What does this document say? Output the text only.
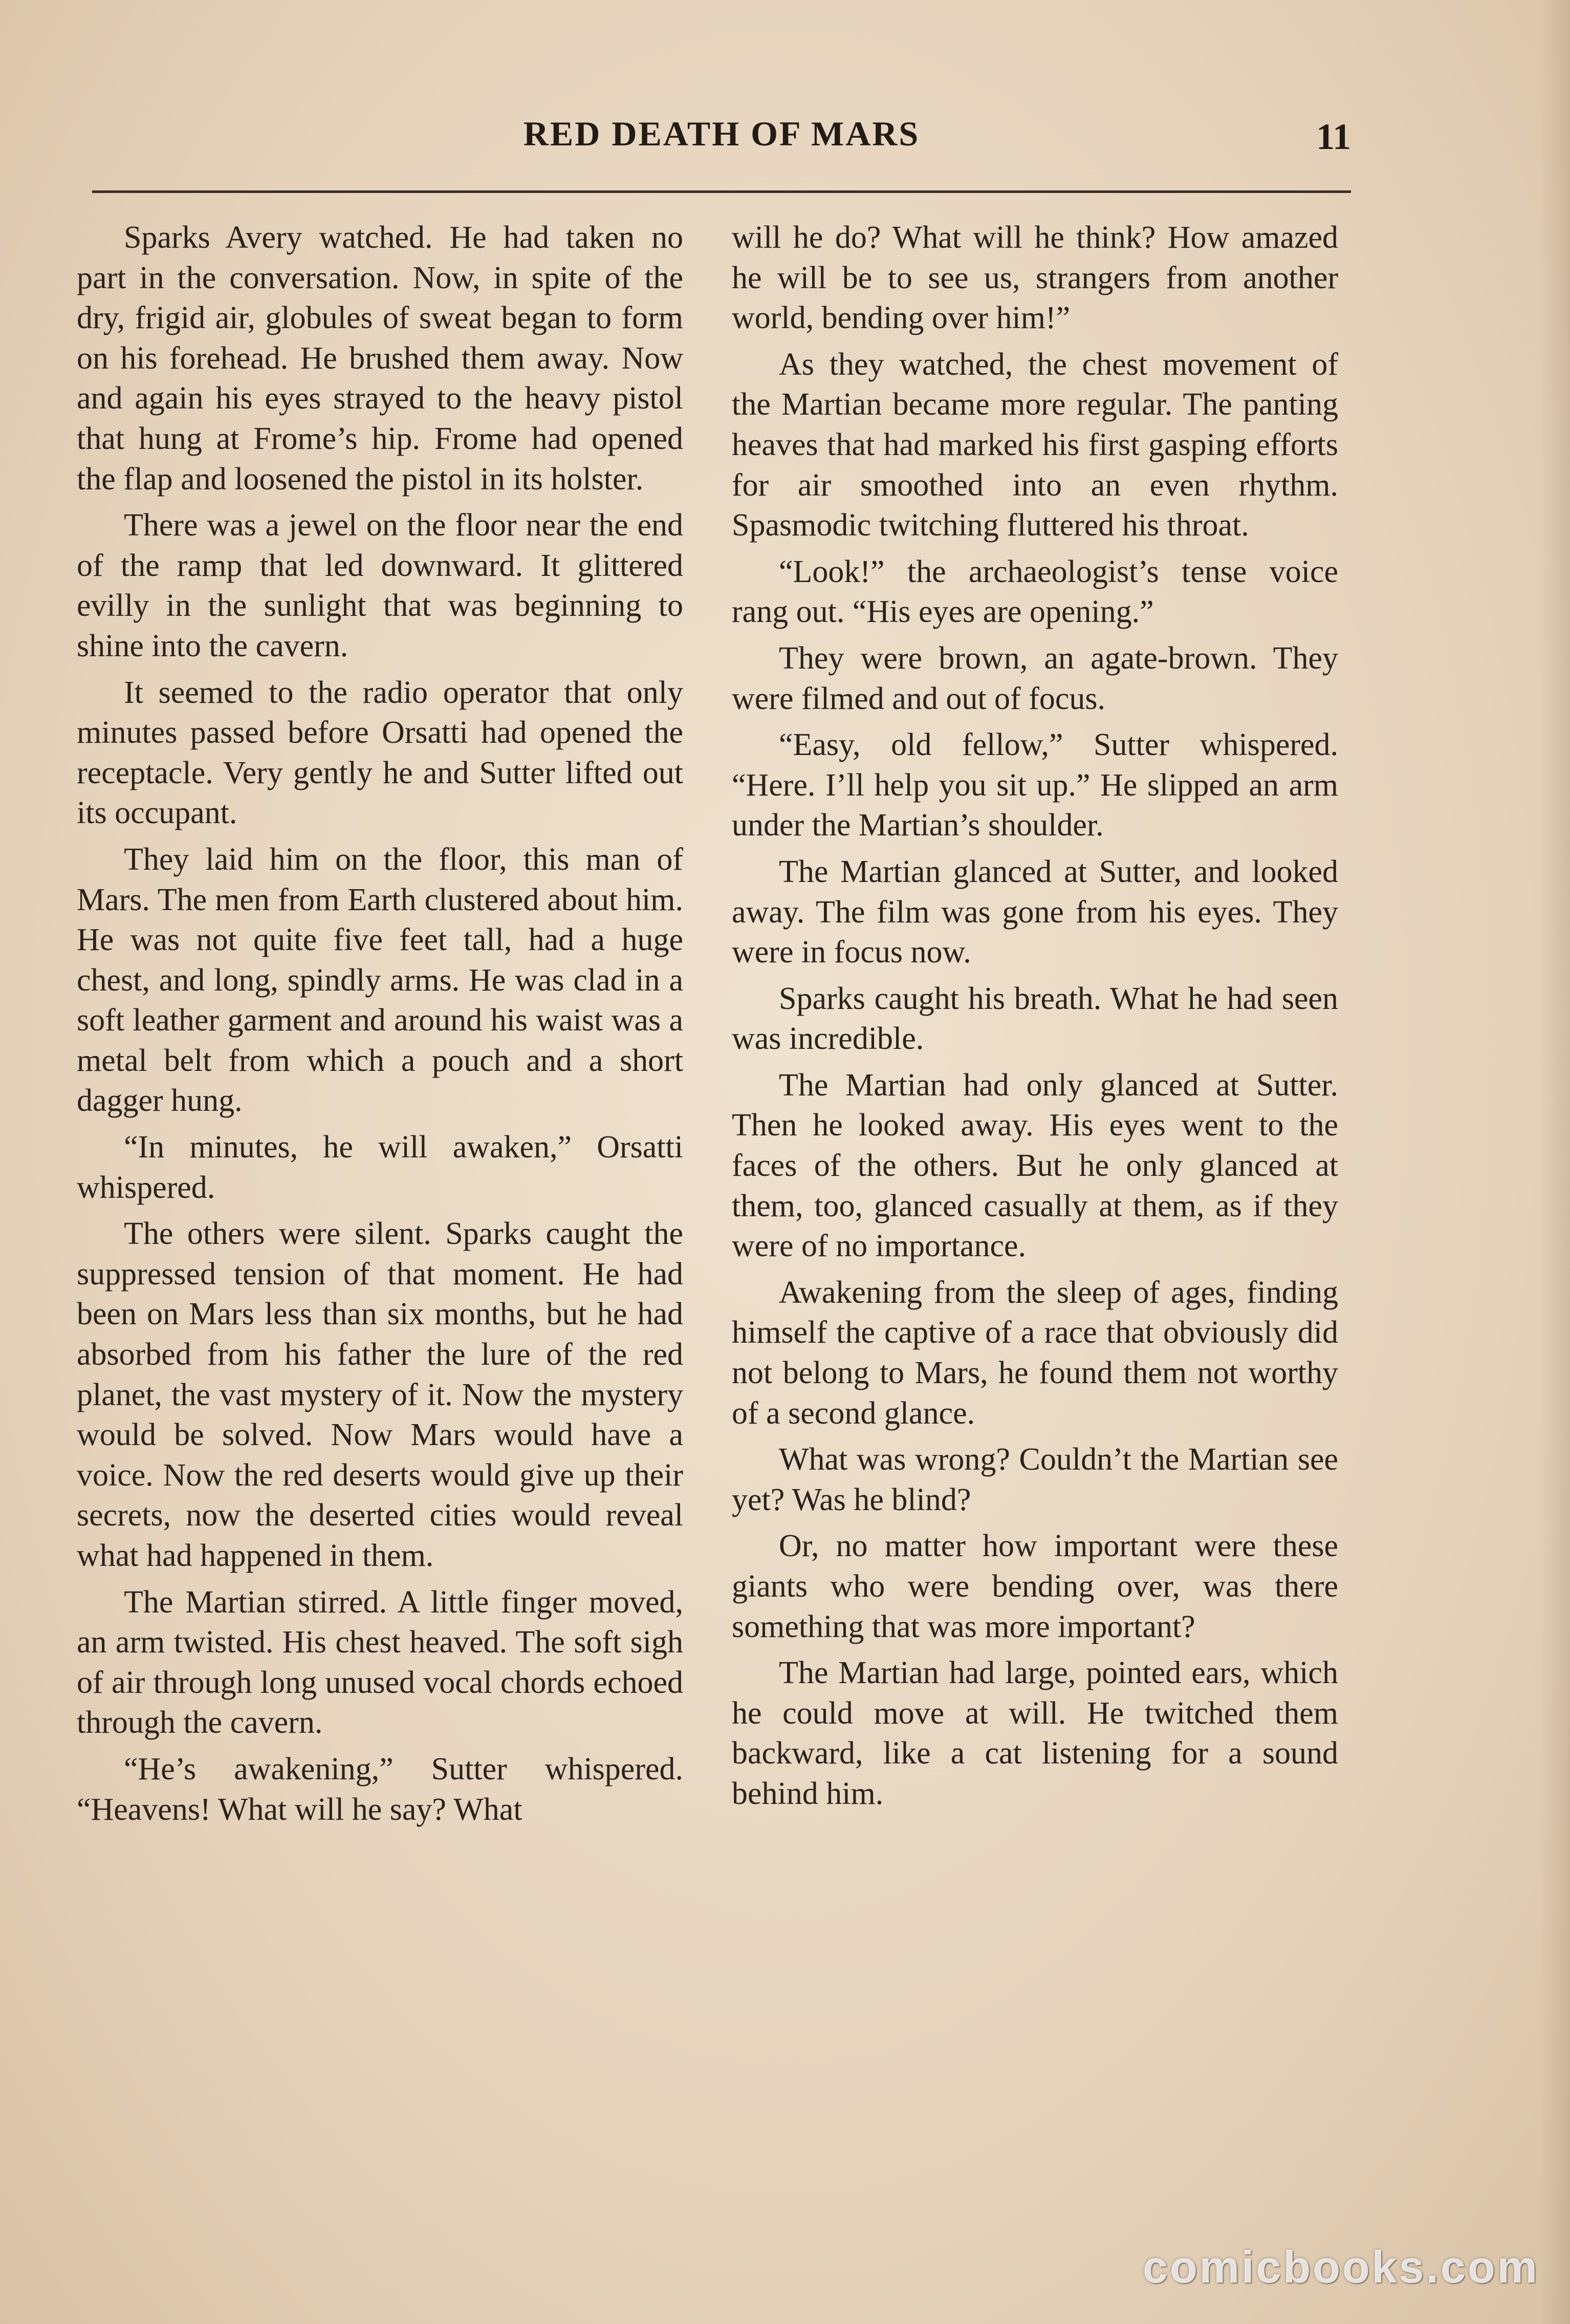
RED DEATH OF MARS	11

Sparks Avery watched. He had taken no part in the conversation. Now, in spite of the dry, frigid air, globules of sweat began to form on his forehead. He brushed them away. Now and again his eyes strayed to the heavy pistol that hung at Frome’s hip. Frome had opened the flap and loosened the pistol in its holster.

There was a jewel on the floor near the end of the ramp that led downward. It glittered evilly in the sunlight that was beginning to shine into the cavern.

It seemed to the radio operator that only minutes passed before Orsatti had opened the receptacle. Very gently he and Sutter lifted out its occupant.

They laid him on the floor, this man of Mars. The men from Earth clustered about him. He was not quite five feet tall, had a huge chest, and long, spindly arms. He was clad in a soft leather garment and around his waist was a metal belt from which a pouch and a short dagger hung.

“In minutes, he will awaken,” Orsatti whispered.

The others were silent. Sparks caught the suppressed tension of that moment. He had been on Mars less than six months, but he had absorbed from his father the lure of the red planet, the vast mystery of it. Now the mystery would be solved. Now Mars would have a voice. Now the red deserts would give up their secrets, now the deserted cities would reveal what had happened in them.

The Martian stirred. A little finger moved, an arm twisted. His chest heaved. The soft sigh of air through long unused vocal chords echoed through the cavern.

“He’s awakening,” Sutter whispered. “Heavens! What will he say? What

will he do? What will he think? How amazed he will be to see us, strangers from another world, bending over him!”

As they watched, the chest movement of the Martian became more regular. The panting heaves that had marked his first gasping efforts for air smoothed into an even rhythm. Spasmodic twitching fluttered his throat.

“Look!” the archaeologist’s tense voice rang out. “His eyes are opening.”

They were brown, an agate-brown. They were filmed and out of focus.

“Easy, old fellow,” Sutter whispered. “Here. I’ll help you sit up.” He slipped an arm under the Martian’s shoulder.

The Martian glanced at Sutter, and looked away. The film was gone from his eyes. They were in focus now.

Sparks caught his breath. What he had seen was incredible.

The Martian had only glanced at Sutter. Then he looked away. His eyes went to the faces of the others. But he only glanced at them, too, glanced casually at them, as if they were of no importance.

Awakening from the sleep of ages, finding himself the captive of a race that obviously did not belong to Mars, he found them not worthy of a second glance.

What was wrong? Couldn’t the Martian see yet? Was he blind?

Or, no matter how important were these giants who were bending over, was there something that was more important?

The Martian had large, pointed ears, which he could move at will. He twitched them backward, like a cat listening for a sound behind him.

comicbooks.com
